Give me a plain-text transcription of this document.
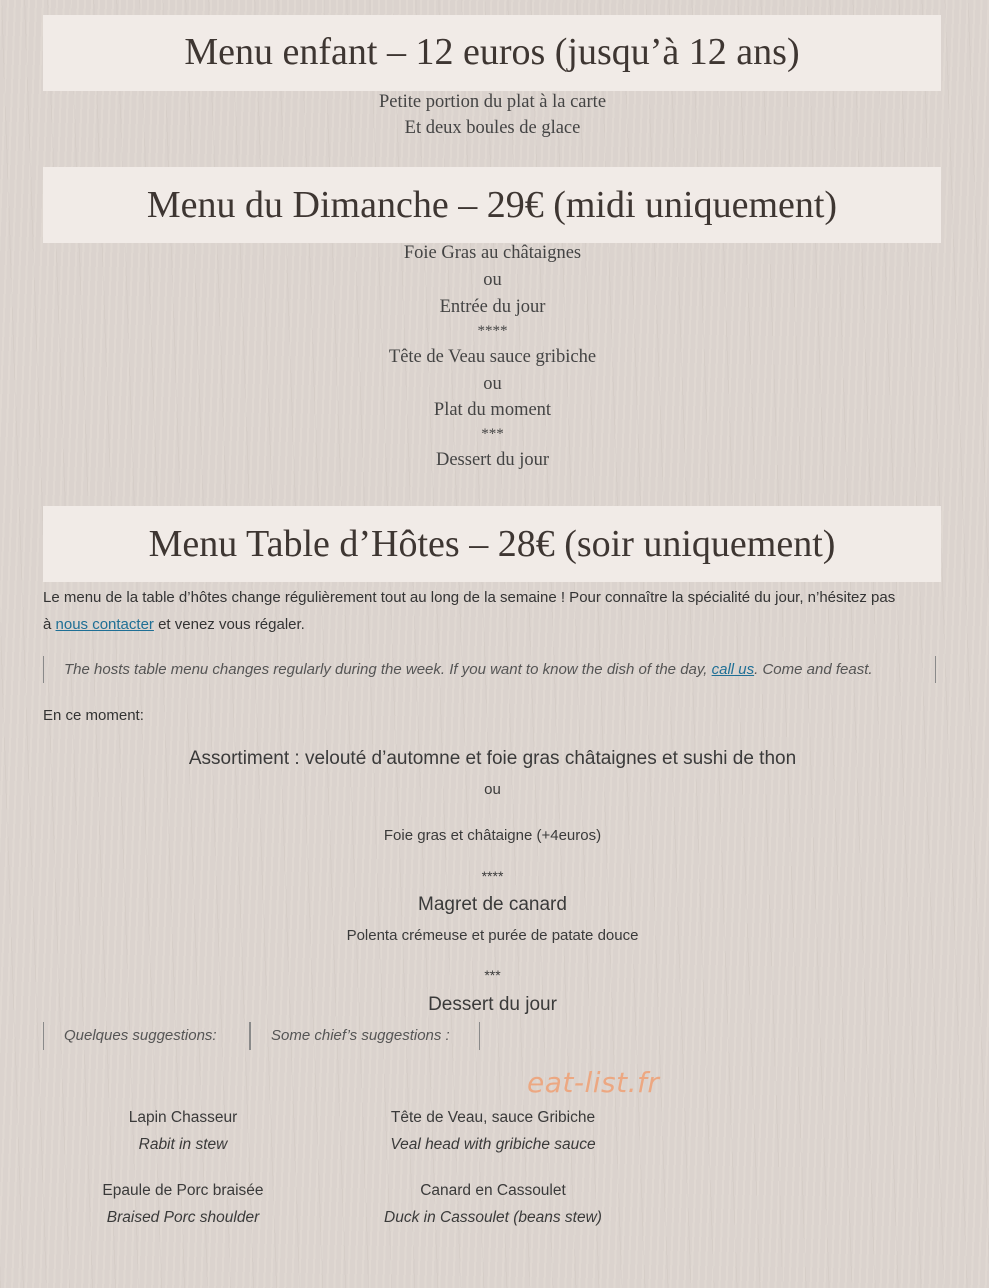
Menu enfant – 12 euros (jusqu’à 12 ans)
Petite portion du plat à la carte
Et deux boules de glace
Menu du Dimanche – 29€ (midi uniquement)
Foie Gras au châtaignes
ou
Entrée du jour
****
Tête de Veau sauce gribiche
ou
Plat du moment
***
Dessert du jour
Menu Table d’Hôtes – 28€ (soir uniquement)
Le menu de la table d’hôtes change régulièrement tout au long de la semaine ! Pour connaître la spécialité du jour, n’hésitez pas
à nous contacter et venez vous régaler.
The hosts table menu changes regularly during the week. If you want to know the dish of the day, call us. Come and feast.
En ce moment:
Assortiment : velouté d’automne et foie gras châtaignes et sushi de thon
ou
Foie gras et châtaigne (+4euros)
****
Magret de canard
Polenta crémeuse et purée de patate douce
***
Dessert du jour
Quelques suggestions:	Some chief’s suggestions :
eat-list.fr
Lapin Chasseur
Rabit in stew
Tête de Veau, sauce Gribiche
Veal head with gribiche sauce
Epaule de Porc braisée
Braised Porc shoulder
Canard en Cassoulet
Duck in Cassoulet (beans stew)
